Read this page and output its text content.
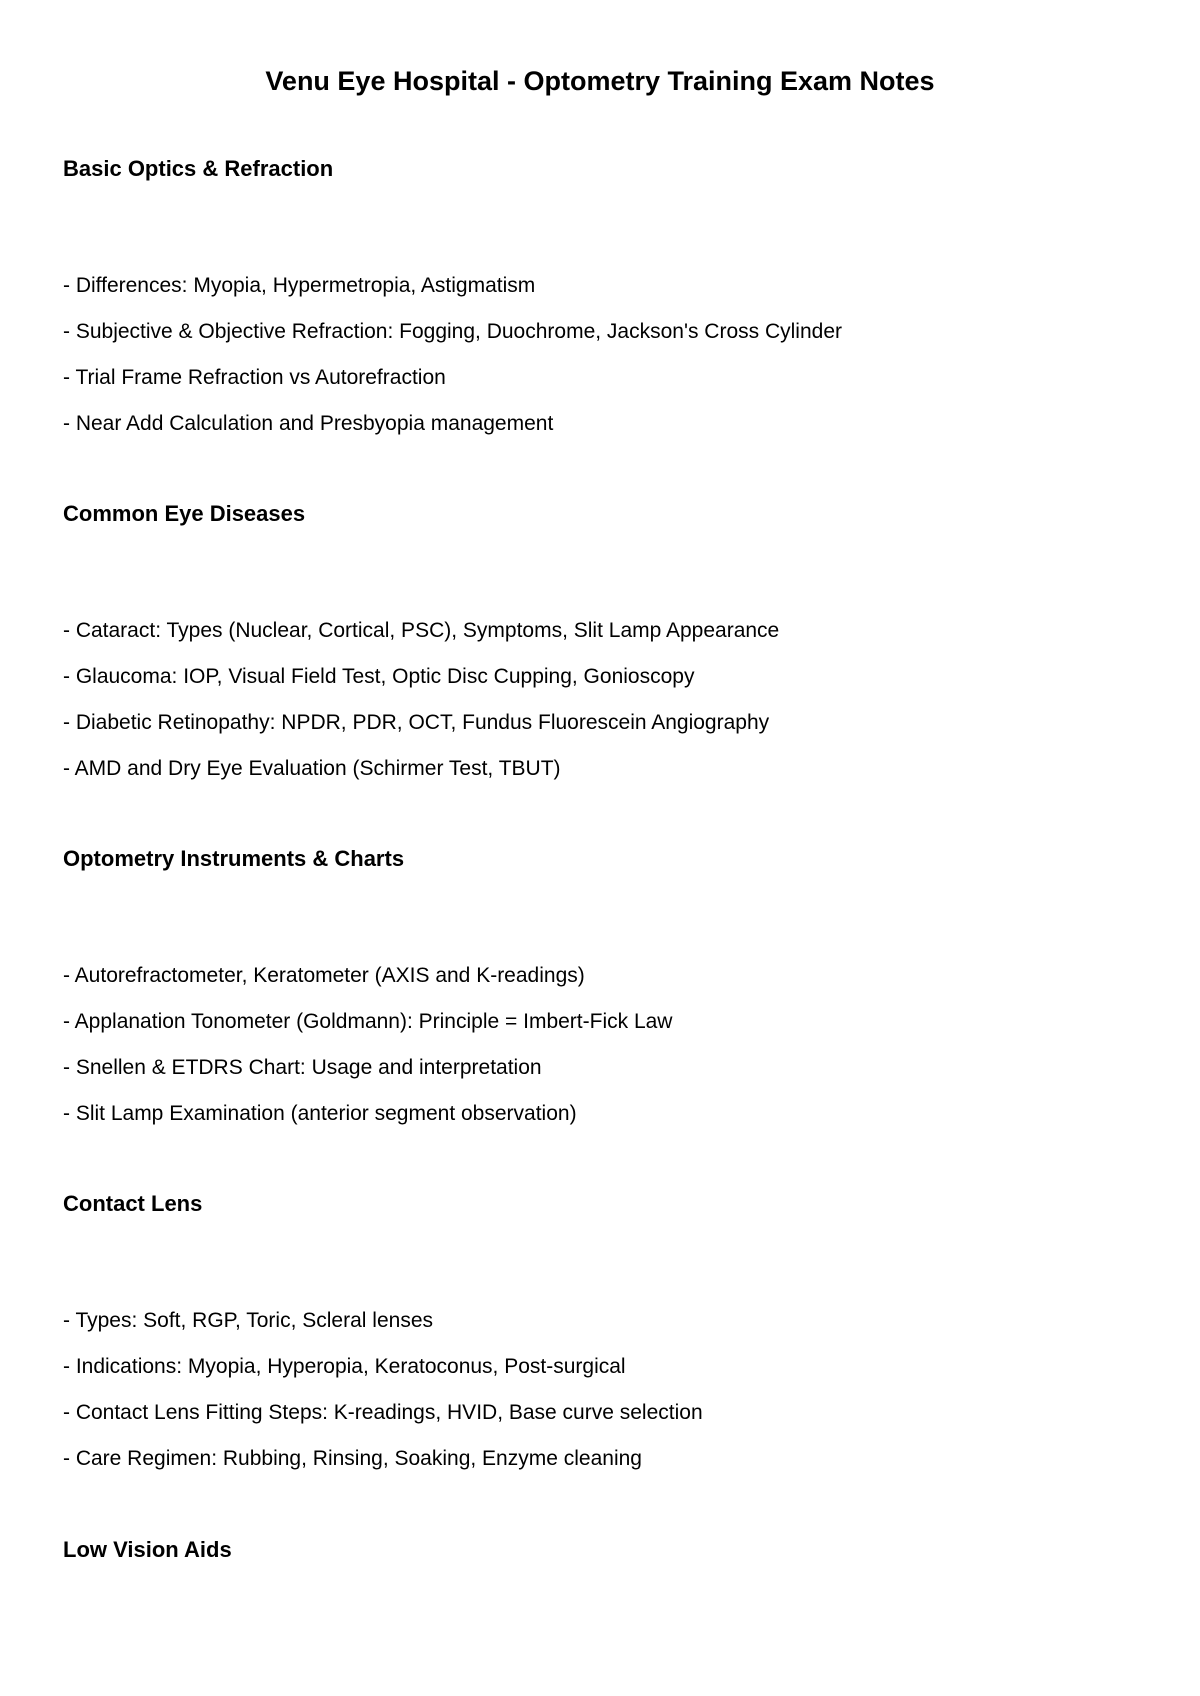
Venu Eye Hospital - Optometry Training Exam Notes
Basic Optics & Refraction
- Differences: Myopia, Hypermetropia, Astigmatism
- Subjective & Objective Refraction: Fogging, Duochrome, Jackson's Cross Cylinder
- Trial Frame Refraction vs Autorefraction
- Near Add Calculation and Presbyopia management
Common Eye Diseases
- Cataract: Types (Nuclear, Cortical, PSC), Symptoms, Slit Lamp Appearance
- Glaucoma: IOP, Visual Field Test, Optic Disc Cupping, Gonioscopy
- Diabetic Retinopathy: NPDR, PDR, OCT, Fundus Fluorescein Angiography
- AMD and Dry Eye Evaluation (Schirmer Test, TBUT)
Optometry Instruments & Charts
- Autorefractometer, Keratometer (AXIS and K-readings)
- Applanation Tonometer (Goldmann): Principle = Imbert-Fick Law
- Snellen & ETDRS Chart: Usage and interpretation
- Slit Lamp Examination (anterior segment observation)
Contact Lens
- Types: Soft, RGP, Toric, Scleral lenses
- Indications: Myopia, Hyperopia, Keratoconus, Post-surgical
- Contact Lens Fitting Steps: K-readings, HVID, Base curve selection
- Care Regimen: Rubbing, Rinsing, Soaking, Enzyme cleaning
Low Vision Aids
